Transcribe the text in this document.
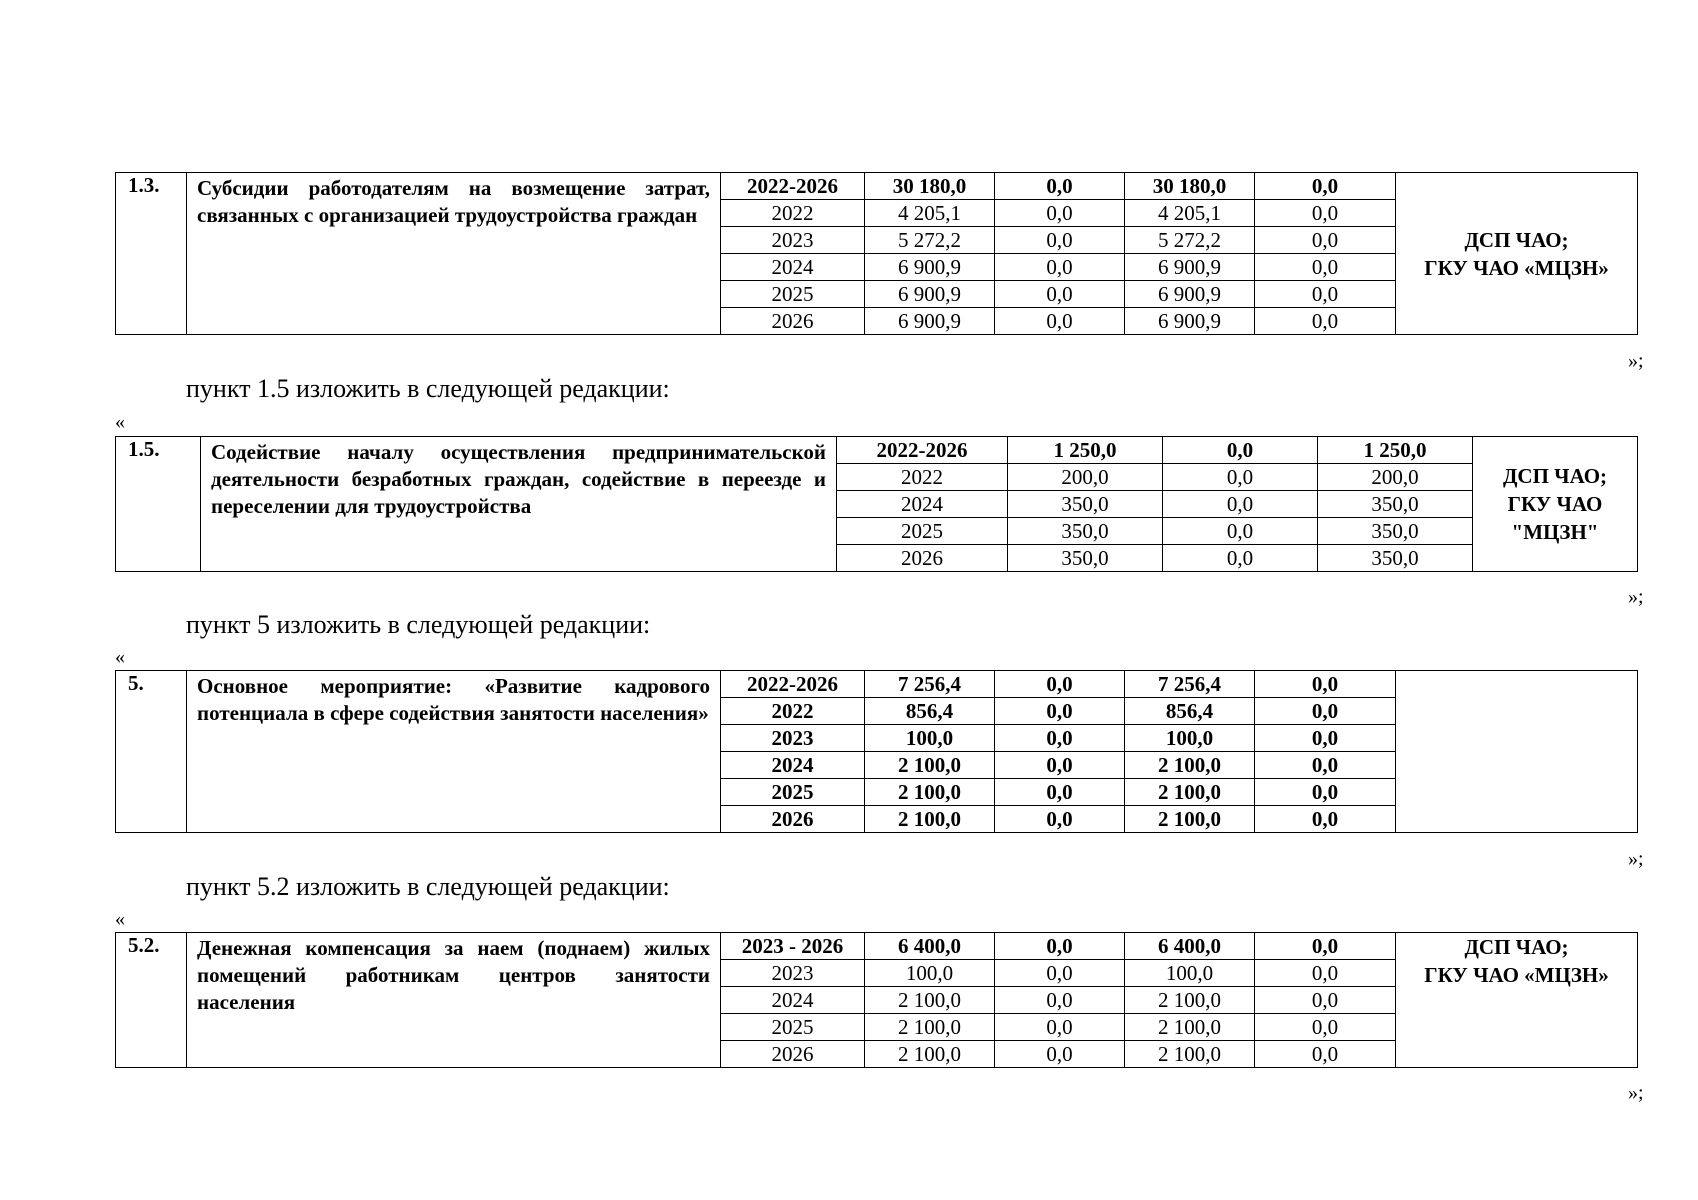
1.3.	Субсидии работодателям на возмещение затрат, связанных с организацией трудоустройства граждан	2022-2026	30 180,0	0,0	30 180,0	0,0	ДСП ЧАО;
ГКУ ЧАО «МЦЗН»
		2022	4 205,1	0,0	4 205,1	0,0	
		2023	5 272,2	0,0	5 272,2	0,0	
		2024	6 900,9	0,0	6 900,9	0,0	
		2025	6 900,9	0,0	6 900,9	0,0	
		2026	6 900,9	0,0	6 900,9	0,0	
»;
пункт 1.5 изложить в следующей редакции:
«
1.5.	Содействие началу осуществления предпринимательской деятельности безработных граждан, содействие в переезде и переселении для трудоустройства	2022-2026	1 250,0	0,0	1 250,0	ДСП ЧАО;
ГКУ ЧАО
"МЦЗН"
		2022	200,0	0,0	200,0	
		2024	350,0	0,0	350,0	
		2025	350,0	0,0	350,0	
		2026	350,0	0,0	350,0	
»;
пункт 5 изложить в следующей редакции:
«
5.	Основное мероприятие: «Развитие кадрового потенциала в сфере содействия занятости населения»	2022-2026	7 256,4	0,0	7 256,4	0,0	
		2022	856,4	0,0	856,4	0,0	
		2023	100,0	0,0	100,0	0,0	
		2024	2 100,0	0,0	2 100,0	0,0	
		2025	2 100,0	0,0	2 100,0	0,0	
		2026	2 100,0	0,0	2 100,0	0,0	
»;
пункт 5.2 изложить в следующей редакции:
«
5.2.	Денежная компенсация за наем (поднаем) жилых помещений работникам центров занятости населения	2023 - 2026	6 400,0	0,0	6 400,0	0,0	ДСП ЧАО;
ГКУ ЧАО «МЦЗН»
		2023	100,0	0,0	100,0	0,0	
		2024	2 100,0	0,0	2 100,0	0,0	
		2025	2 100,0	0,0	2 100,0	0,0	
		2026	2 100,0	0,0	2 100,0	0,0	
»;
